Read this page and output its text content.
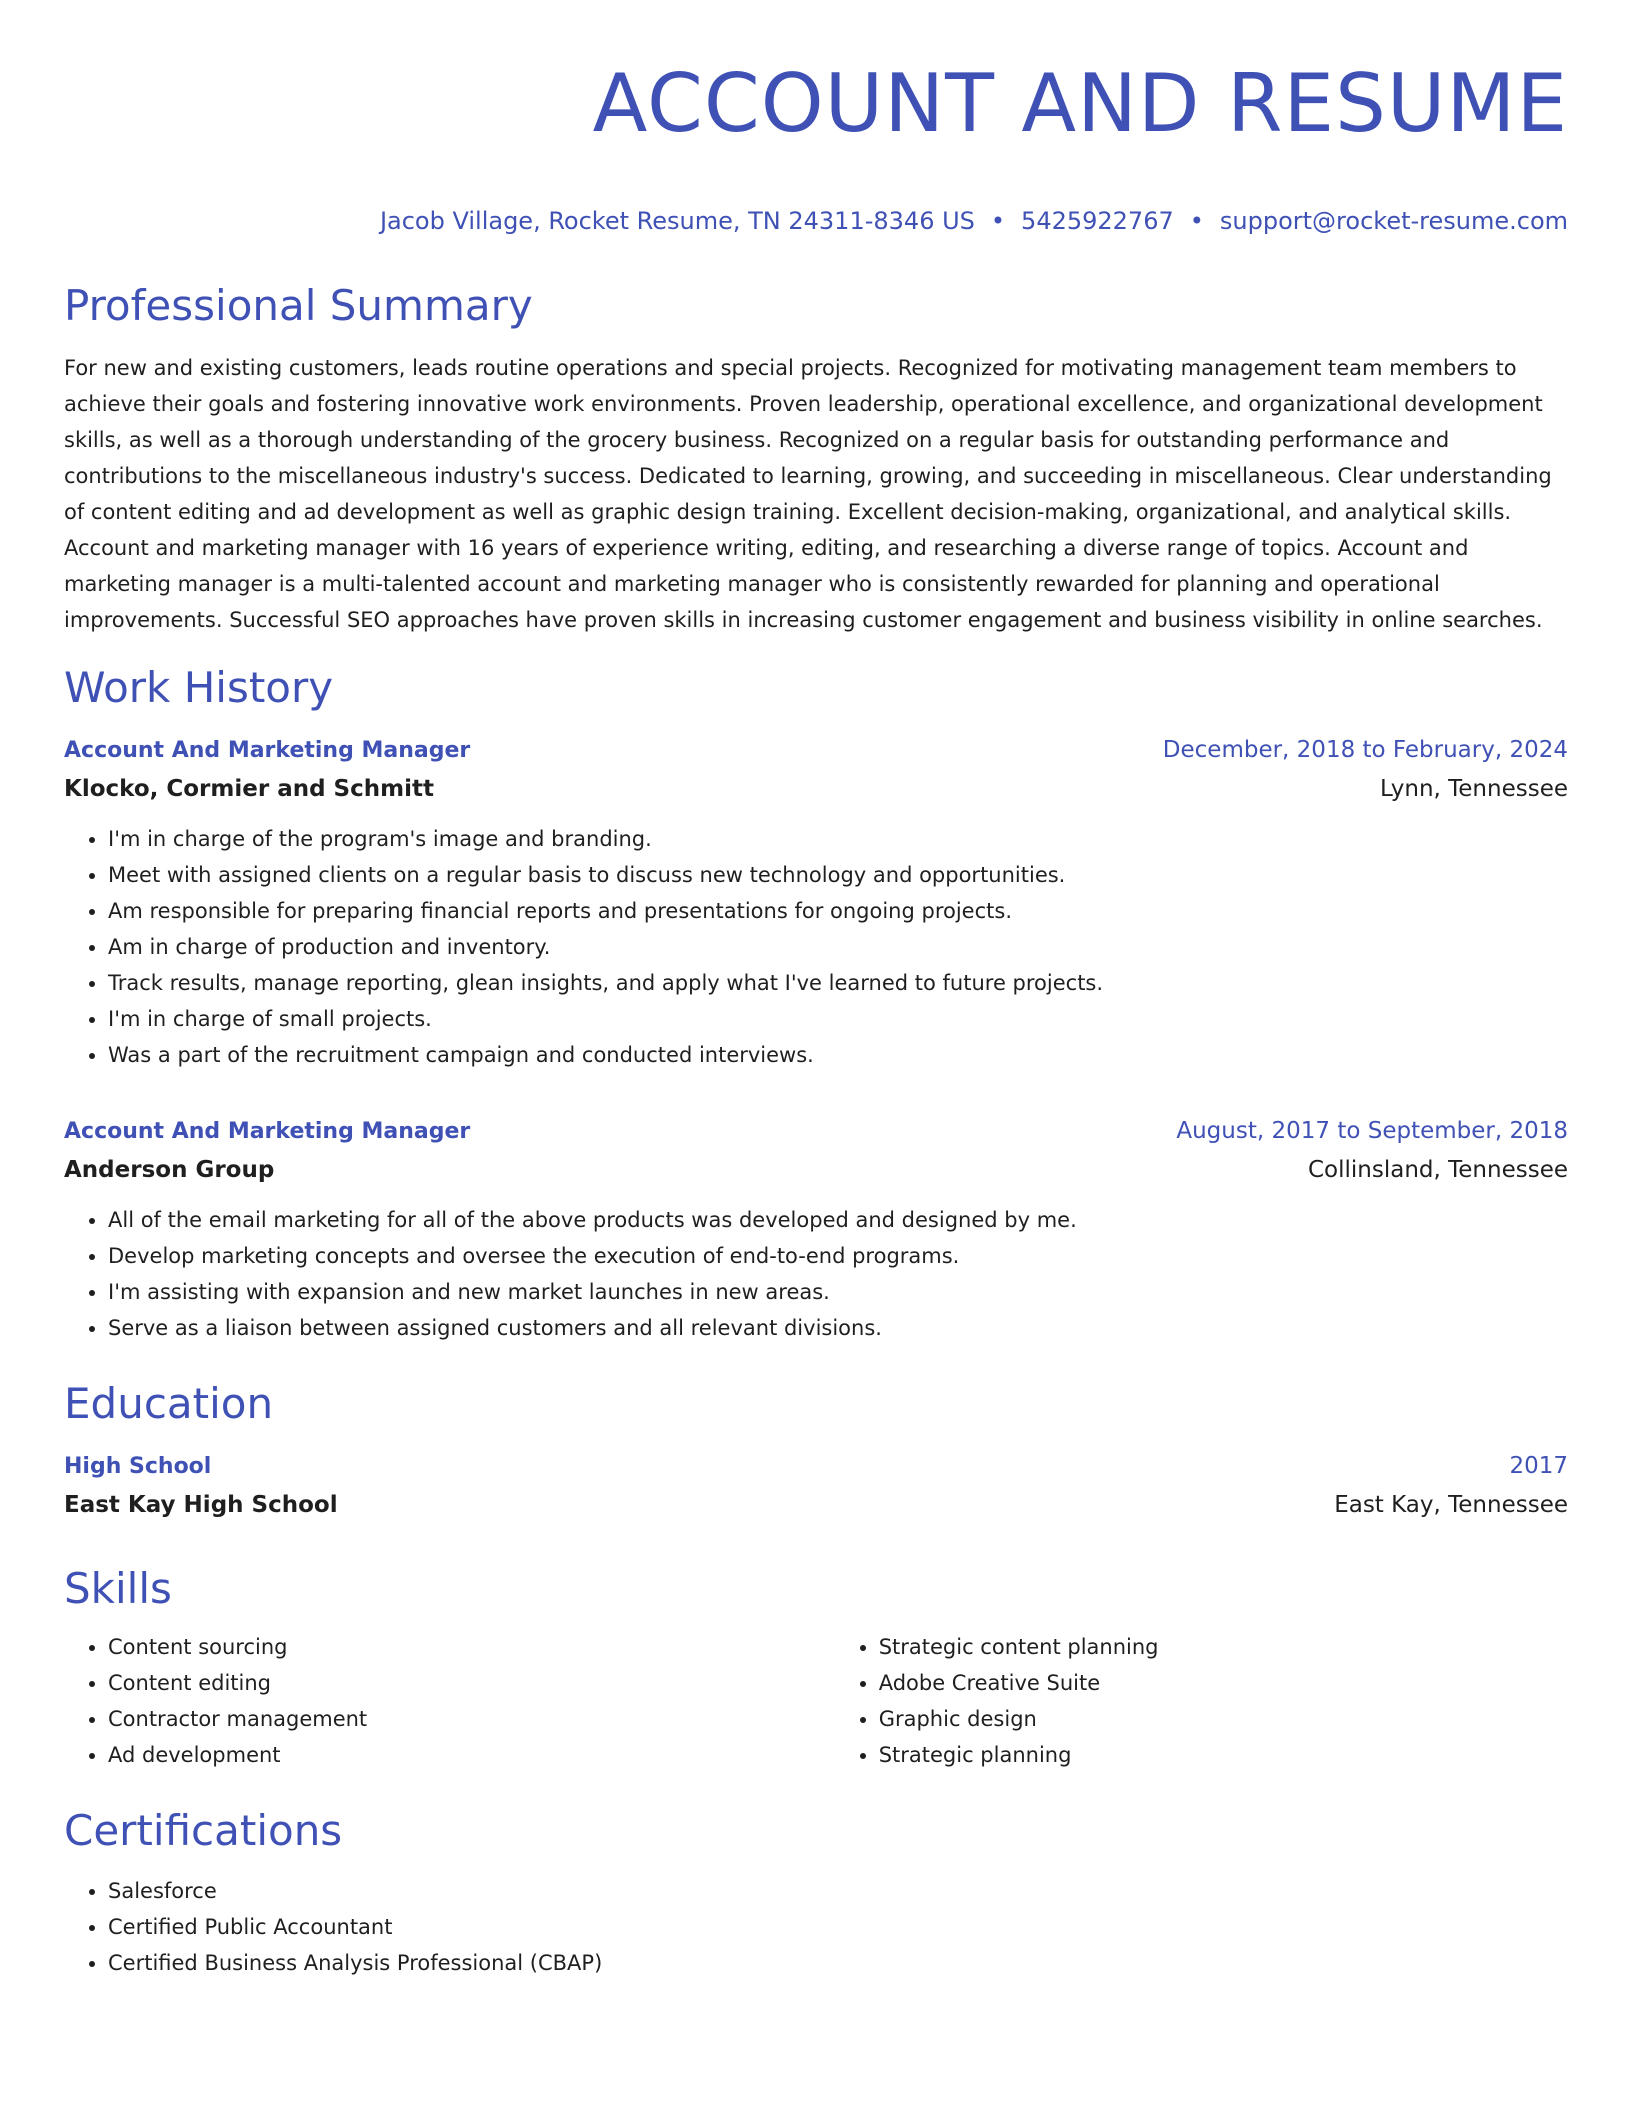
ACCOUNT AND RESUME
Jacob Village, Rocket Resume, TN 24311-8346 US • 5425922767 • support@rocket-resume.com
Professional Summary
For new and existing customers, leads routine operations and special projects. Recognized for motivating management team members to achieve their goals and fostering innovative work environments. Proven leadership, operational excellence, and organizational development skills, as well as a thorough understanding of the grocery business. Recognized on a regular basis for outstanding performance and contributions to the miscellaneous industry's success. Dedicated to learning, growing, and succeeding in miscellaneous. Clear understanding of content editing and ad development as well as graphic design training. Excellent decision-making, organizational, and analytical skills. Account and marketing manager with 16 years of experience writing, editing, and researching a diverse range of topics. Account and marketing manager is a multi-talented account and marketing manager who is consistently rewarded for planning and operational improvements. Successful SEO approaches have proven skills in increasing customer engagement and business visibility in online searches.
Work History
Account And Marketing Manager	December, 2018 to February, 2024
Klocko, Cormier and Schmitt	Lynn, Tennessee
• I'm in charge of the program's image and branding.
• Meet with assigned clients on a regular basis to discuss new technology and opportunities.
• Am responsible for preparing financial reports and presentations for ongoing projects.
• Am in charge of production and inventory.
• Track results, manage reporting, glean insights, and apply what I've learned to future projects.
• I'm in charge of small projects.
• Was a part of the recruitment campaign and conducted interviews.
Account And Marketing Manager	August, 2017 to September, 2018
Anderson Group	Collinsland, Tennessee
• All of the email marketing for all of the above products was developed and designed by me.
• Develop marketing concepts and oversee the execution of end-to-end programs.
• I'm assisting with expansion and new market launches in new areas.
• Serve as a liaison between assigned customers and all relevant divisions.
Education
High School	2017
East Kay High School	East Kay, Tennessee
Skills
• Content sourcing
• Content editing
• Contractor management
• Ad development
• Strategic content planning
• Adobe Creative Suite
• Graphic design
• Strategic planning
Certifications
• Salesforce
• Certified Public Accountant
• Certified Business Analysis Professional (CBAP)
